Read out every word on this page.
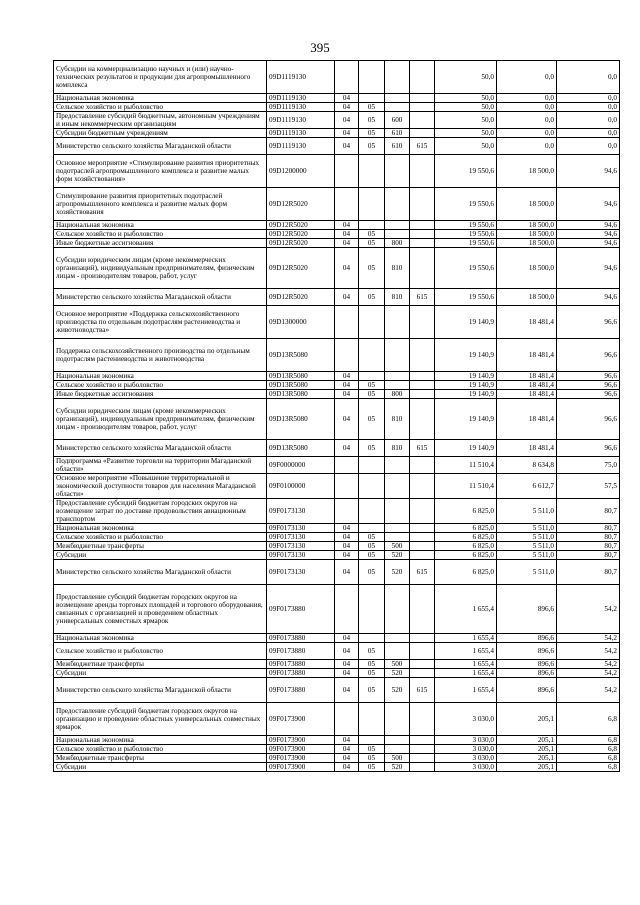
395
Субсидии на коммерциализацию научных и (или) научно-технических результатов и продукции для агропромышленного комплекса	09D1119130					50,0	0,0	0,0
Национальная экономика	09D1119130	04				50,0	0,0	0,0
Сельское хозяйство и рыболовство	09D1119130	04	05			50,0	0,0	0,0
Предоставление субсидий бюджетным, автономным учреждениям и иным некоммерческим организациям	09D1119130	04	05	600		50,0	0,0	0,0
Субсидии бюджетным учреждениям	09D1119130	04	05	610		50,0	0,0	0,0
Министерство сельского хозяйства Магаданской области	09D1119130	04	05	610	615	50,0	0,0	0,0
Основное мероприятие «Стимулирование развития приоритетных подотраслей агропромышленного комплекса и развитие малых форм хозяйствования»	09D1200000					19 550,6	18 500,0	94,6
Стимулирование развития приоритетных подотраслей агропромышленного комплекса и развитие малых форм хозяйствования	09D12R5020					19 550,6	18 500,0	94,6
Национальная экономика	09D12R5020	04				19 550,6	18 500,0	94,6
Сельское хозяйство и рыболовство	09D12R5020	04	05			19 550,6	18 500,0	94,6
Иные бюджетные ассигнования	09D12R5020	04	05	800		19 550,6	18 500,0	94,6
Субсидии юридическим лицам (кроме некоммерческих организаций), индивидуальным предпринимателям, физическим лицам - производителям товаров, работ, услуг	09D12R5020	04	05	810		19 550,6	18 500,0	94,6
Министерство сельского хозяйства Магаданской области	09D12R5020	04	05	810	615	19 550,6	18 500,0	94,6
Основное мероприятие «Поддержка сельскохозяйственного производства по отдельным подотраслям растениеводства и животноводства»	09D1300000					19 140,9	18 481,4	96,6
Поддержка сельскохозяйственного производства по отдельным подотраслям растениеводства и животноводства	09D13R5080					19 140,9	18 481,4	96,6
Национальная экономика	09D13R5080	04				19 140,9	18 481,4	96,6
Сельское хозяйство и рыболовство	09D13R5080	04	05			19 140,9	18 481,4	96,6
Иные бюджетные ассигнования	09D13R5080	04	05	800		19 140,9	18 481,4	96,6
Субсидии юридическим лицам (кроме некоммерческих организаций), индивидуальным предпринимателям, физическим лицам - производителям товаров, работ, услуг	09D13R5080	04	05	810		19 140,9	18 481,4	96,6
Министерство сельского хозяйства Магаданской области	09D13R5080	04	05	810	615	19 140,9	18 481,4	96,6
Подпрограмма «Развитие торговли на территории Магаданской области»	09F0000000					11 510,4	8 634,8	75,0
Основное мероприятие «Повышение территориальной и экономической доступности товаров для населения Магаданской области»	09F0100000					11 510,4	6 612,7	57,5
Предоставление субсидий бюджетам городских округов на возмещение затрат по доставке продовольствия авиационным транспортом	09F0173130					6 825,0	5 511,0	80,7
Национальная экономика	09F0173130	04				6 825,0	5 511,0	80,7
Сельское хозяйство и рыболовство	09F0173130	04	05			6 825,0	5 511,0	80,7
Межбюджетные трансферты	09F0173130	04	05	500		6 825,0	5 511,0	80,7
Субсидии	09F0173130	04	05	520		6 825,0	5 511,0	80,7
Министерство сельского хозяйства Магаданской области	09F0173130	04	05	520	615	6 825,0	5 511,0	80,7
Предоставление субсидий бюджетам городских округов на возмещение аренды торговых площадей и торгового оборудования, связанных с организацией и проведением областных универсальных совместных ярмарок	09F0173880					1 655,4	896,6	54,2
Национальная экономика	09F0173880	04				1 655,4	896,6	54,2
Сельское хозяйство и рыболовство	09F0173880	04	05			1 655,4	896,6	54,2
Межбюджетные трансферты	09F0173880	04	05	500		1 655,4	896,6	54,2
Субсидии	09F0173880	04	05	520		1 655,4	896,6	54,2
Министерство сельского хозяйства Магаданской области	09F0173880	04	05	520	615	1 655,4	896,6	54,2
Предоставление субсидий бюджетам городских округов на организацию и проведение областных универсальных совместных ярмарок	09F0173900					3 030,0	205,1	6,8
Национальная экономика	09F0173900	04				3 030,0	205,1	6,8
Сельское хозяйство и рыболовство	09F0173900	04	05			3 030,0	205,1	6,8
Межбюджетные трансферты	09F0173900	04	05	500		3 030,0	205,1	6,8
Субсидии	09F0173900	04	05	520		3 030,0	205,1	6,8
